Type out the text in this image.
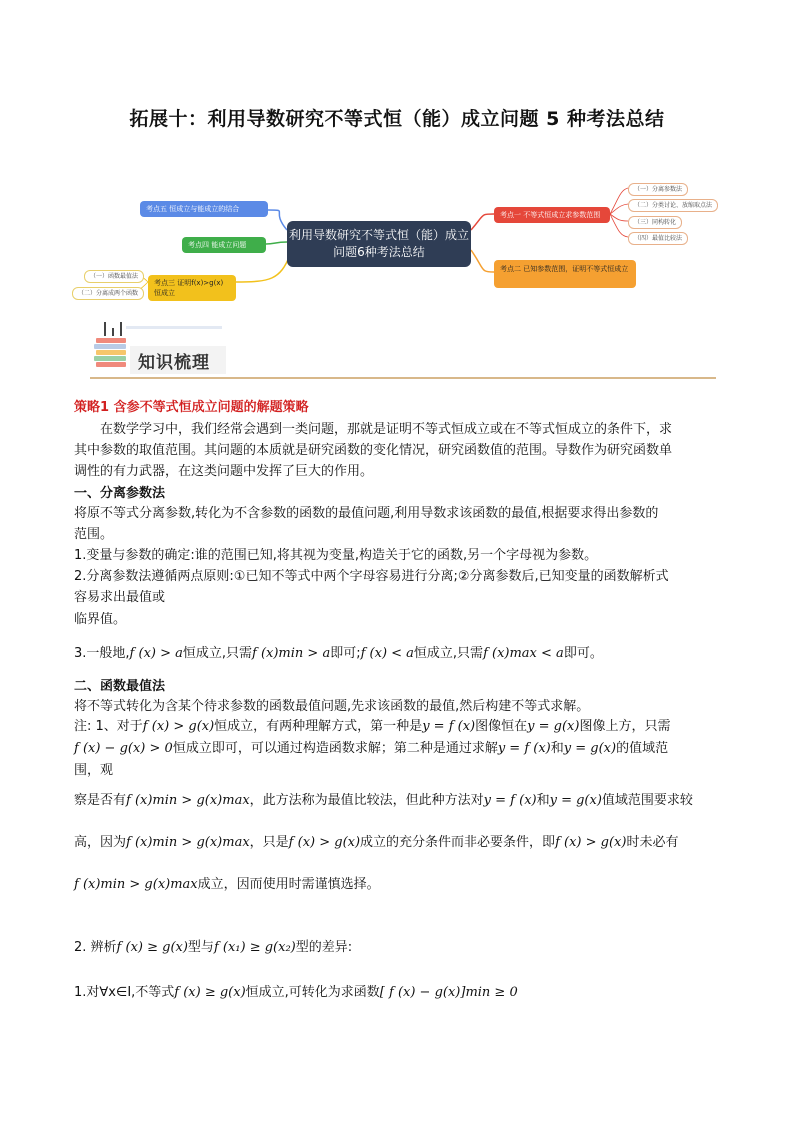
拓展十：利用导数研究不等式恒（能）成立问题 5 种考法总结
利用导数研究不等式恒（能）成立问题6种考法总结
考点五 恒成立与能成立的结合
考点四 能成立问题
考点三 证明f(x)>g(x)恒成立
（一）函数最值法
（二）分离成两个函数
考点一 不等式恒成立求参数范围
（一）分离参数法
（二）分类讨论、放缩取点法
（三）同构转化
（四）最值比较法
考点二 已知参数范围，证明不等式恒成立
知识梳理
策略1 含参不等式恒成立问题的解题策略
在数学学习中，我们经常会遇到一类问题，那就是证明不等式恒成立或在不等式恒成立的条件下，求
其中参数的取值范围。其问题的本质就是研究函数的变化情况，研究函数值的范围。导数作为研究函数单
调性的有力武器，在这类问题中发挥了巨大的作用。
一、分离参数法
将原不等式分离参数,转化为不含参数的函数的最值问题,利用导数求该函数的最值,根据要求得出参数的
范围。
1.变量与参数的确定:谁的范围已知,将其视为变量,构造关于它的函数,另一个字母视为参数。
2.分离参数法遵循两点原则:①已知不等式中两个字母容易进行分离;②分离参数后,已知变量的函数解析式
容易求出最值或
临界值。
3.一般地,f (x) > a恒成立,只需f (x)min > a即可;f (x) < a恒成立,只需f (x)max < a即可。
二、函数最值法
将不等式转化为含某个待求参数的函数最值问题,先求该函数的最值,然后构建不等式求解。
注: 1、对于f (x) > g(x)恒成立，有两种理解方式，第一种是y = f (x)图像恒在y = g(x)图像上方，只需
f (x) − g(x) > 0恒成立即可，可以通过构造函数求解；第二种是通过求解y = f (x)和y = g(x)的值域范
围，观
察是否有f (x)min > g(x)max，此方法称为最值比较法，但此种方法对y = f (x)和y = g(x)值域范围要求较
高，因为f (x)min > g(x)max，只是f (x) > g(x)成立的充分条件而非必要条件，即f (x) > g(x)时未必有
f (x)min > g(x)max成立，因而使用时需谨慎选择。
2. 辨析f (x) ≥ g(x)型与f (x₁) ≥ g(x₂)型的差异:
1.对∀x∈I,不等式f (x) ≥ g(x)恒成立,可转化为求函数[ f (x) − g(x)]min ≥ 0
